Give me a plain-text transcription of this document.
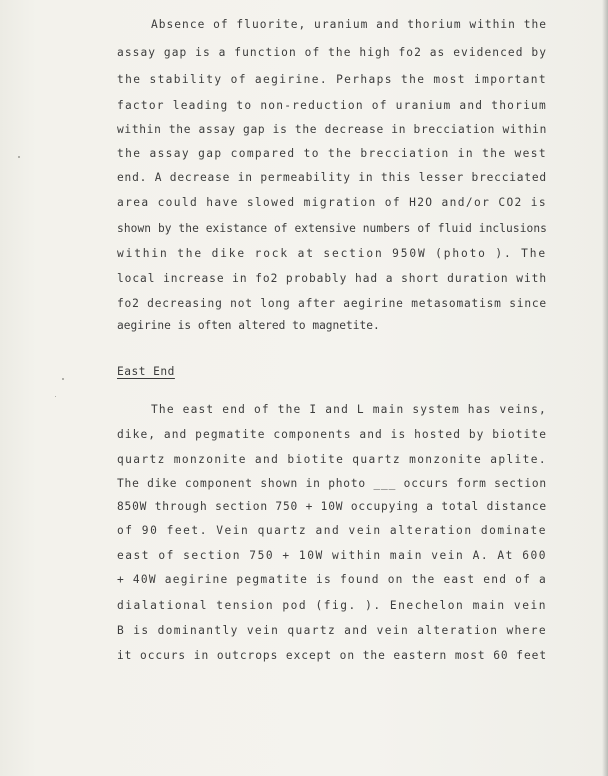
Absence of fluorite, uranium and thorium within the
assay gap is a function of the high fo2 as evidenced by
the stability of aegirine. Perhaps the most important
factor leading to non-reduction of uranium and thorium
within the assay gap is the decrease in brecciation within
the assay gap compared to the brecciation in the west
end. A decrease in permeability in this lesser brecciated
area could have slowed migration of H2O and/or CO2 is
shown by the existance of extensive numbers of fluid inclusions
within the dike rock at section 950W (photo ). The
local increase in fo2 probably had a short duration with
fo2 decreasing not long after aegirine metasomatism since
aegirine is often altered to magnetite.
East End
The east end of the I and L main system has veins,
dike, and pegmatite components and is hosted by biotite
quartz monzonite and biotite quartz monzonite aplite.
The dike component shown in photo ___ occurs form section
850W through section 750 + 10W occupying a total distance
of 90 feet. Vein quartz and vein alteration dominate
east of section 750 + 10W within main vein A. At 600
+ 40W aegirine pegmatite is found on the east end of a
dialational tension pod (fig. ). Enechelon main vein
B is dominantly vein quartz and vein alteration where
it occurs in outcrops except on the eastern most 60 feet
